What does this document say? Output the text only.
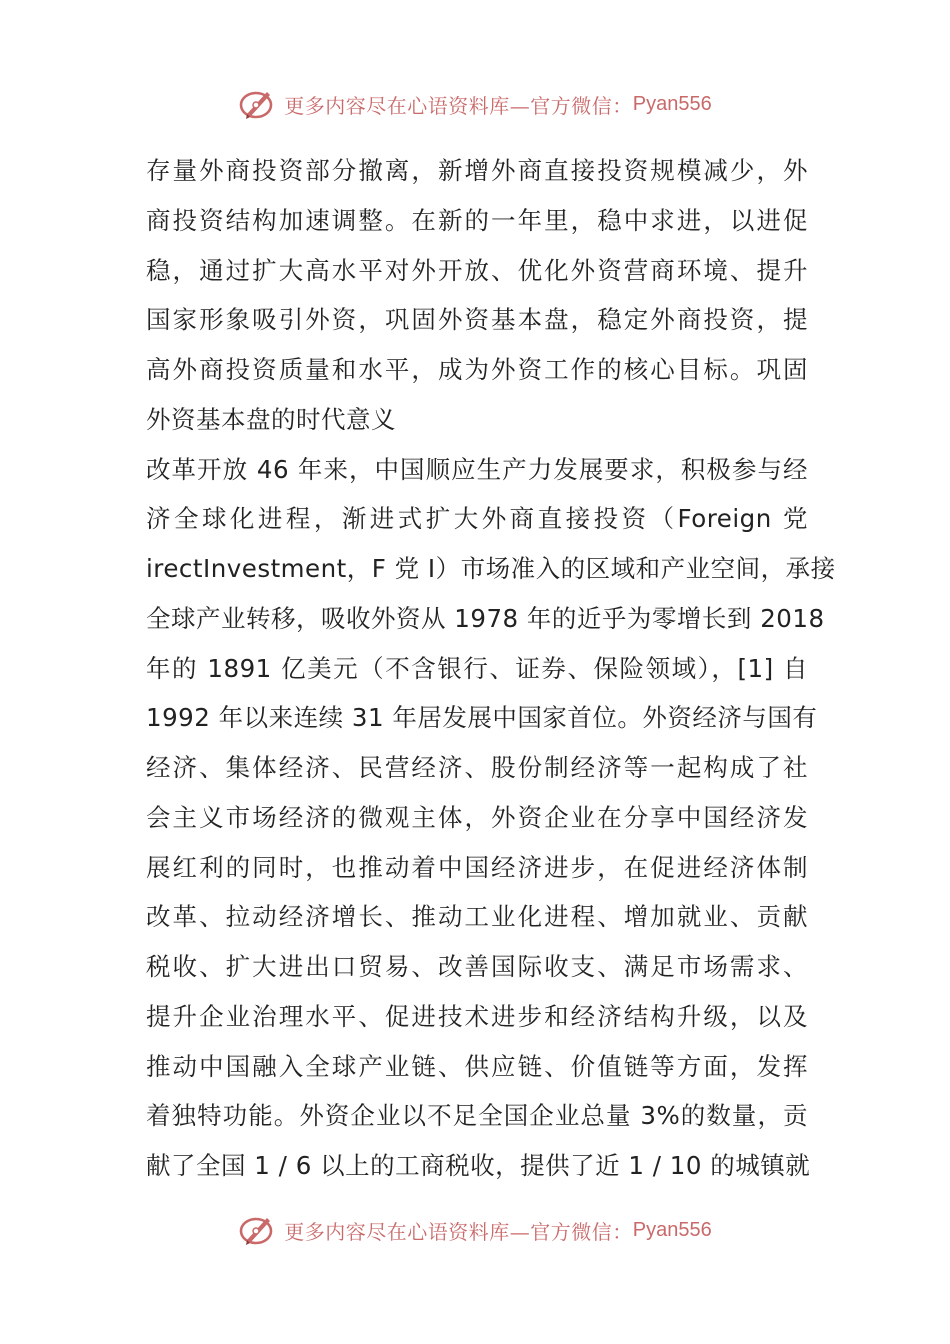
更多内容尽在心语资料库—官方微信： Pyan556
存量外商投资部分撤离，新增外商直接投资规模减少，外
商投资结构加速调整。在新的一年里，稳中求进，以进促
稳，通过扩大高水平对外开放、优化外资营商环境、提升
国家形象吸引外资，巩固外资基本盘，稳定外商投资，提
高外商投资质量和水平，成为外资工作的核心目标。巩固
外资基本盘的时代意义
改革开放 46 年来，中国顺应生产力发展要求，积极参与经
济全球化进程，渐进式扩大外商直接投资（Foreign 党
irectInvestment，F 党 I）市场准入的区域和产业空间，承接
全球产业转移，吸收外资从 1978 年的近乎为零增长到 2018
年的 1891 亿美元（不含银行、证券、保险领域），[1] 自
1992 年以来连续 31 年居发展中国家首位。外资经济与国有
经济、集体经济、民营经济、股份制经济等一起构成了社
会主义市场经济的微观主体，外资企业在分享中国经济发
展红利的同时，也推动着中国经济进步，在促进经济体制
改革、拉动经济增长、推动工业化进程、增加就业、贡献
税收、扩大进出口贸易、改善国际收支、满足市场需求、
提升企业治理水平、促进技术进步和经济结构升级，以及
推动中国融入全球产业链、供应链、价值链等方面，发挥
着独特功能。外资企业以不足全国企业总量 3%的数量，贡
献了全国 1 / 6 以上的工商税收，提供了近 1 / 10 的城镇就
更多内容尽在心语资料库—官方微信： Pyan556
